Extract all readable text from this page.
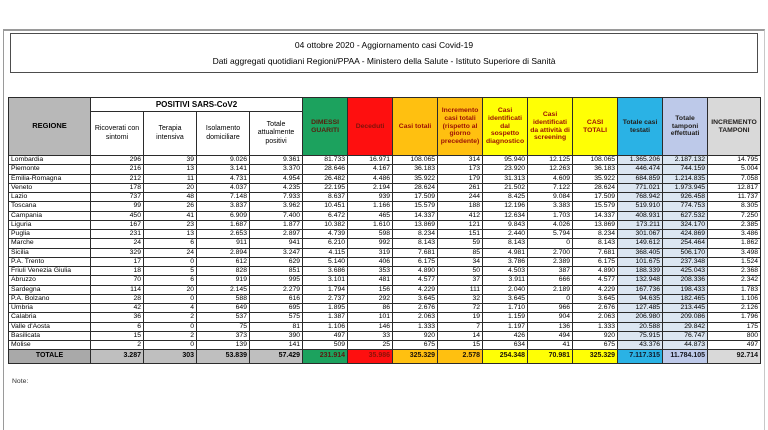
04 ottobre 2020 - Aggiornamento casi Covid-19
Dati aggregati quotidiani Regioni/PPAA - Ministero della Salute - Istituto Superiore di Sanità
REGIONE	POSITIVI SARS-CoV2				DIMESSI GUARITI	Deceduti	Casi totali	Incremento casi totali (rispetto al giorno precedente)	Casi identificati dal sospetto diagnostico	Casi identificati da attività di screening	CASI TOTALI	Totale casi testati	Totale tamponi effettuati	INCREMENTO TAMPONI
	Ricoverati con sintomi	Terapia intensiva	Isolamento domiciliare	Totale attualmente positivi										
Lombardia	296	39	9.026	9.361	81.733	16.971	108.065	314	95.940	12.125	108.065	1.365.206	2.187.132	14.795
Piemonte	216	13	3.141	3.370	28.646	4.167	36.183	173	23.920	12.263	36.183	446.474	744.159	5.004
Emilia-Romagna	212	11	4.731	4.954	26.482	4.486	35.922	179	31.313	4.609	35.922	684.859	1.214.835	7.058
Veneto	178	20	4.037	4.235	22.195	2.194	28.624	261	21.502	7.122	28.624	771.021	1.973.945	12.817
Lazio	737	48	7.148	7.933	8.637	939	17.509	244	8.425	9.084	17.509	768.942	926.458	11.737
Toscana	99	26	3.837	3.962	10.451	1.166	15.579	188	12.196	3.383	15.579	519.910	774.753	8.305
Campania	450	41	6.909	7.400	6.472	465	14.337	412	12.634	1.703	14.337	408.931	627.532	7.250
Liguria	167	23	1.687	1.877	10.382	1.610	13.869	121	9.843	4.026	13.869	173.211	324.170	2.385
Puglia	231	13	2.653	2.897	4.739	598	8.234	151	2.440	5.794	8.234	301.067	424.869	3.486
Marche	24	6	911	941	6.210	992	8.143	59	8.143	0	8.143	149.612	254.464	1.862
Sicilia	329	24	2.894	3.247	4.115	319	7.681	85	4.981	2.700	7.681	368.405	506.170	3.498
P.A. Trento	17	0	612	629	5.140	406	6.175	34	3.786	2.389	6.175	101.675	237.348	1.524
Friuli Venezia Giulia	18	5	828	851	3.686	353	4.890	50	4.503	387	4.890	188.339	425.043	2.368
Abruzzo	70	6	919	995	3.101	481	4.577	37	3.911	666	4.577	132.948	208.336	2.342
Sardegna	114	20	2.145	2.279	1.794	156	4.229	111	2.040	2.189	4.229	167.736	198.433	1.783
P.A. Bolzano	28	0	588	616	2.737	292	3.645	32	3.645	0	3.645	94.635	182.465	1.106
Umbria	42	4	649	695	1.895	86	2.676	72	1.710	966	2.676	127.485	213.445	2.126
Calabria	36	2	537	575	1.387	101	2.063	19	1.159	904	2.063	206.980	209.086	1.796
Valle d'Aosta	6	0	75	81	1.106	146	1.333	7	1.197	136	1.333	20.588	29.842	175
Basilicata	15	2	373	390	497	33	920	14	426	494	920	75.915	76.747	800
Molise	2	0	139	141	509	25	675	15	634	41	675	43.376	44.873	497
TOTALE	3.287	303	53.839	57.429	231.914	35.986	325.329	2.578	254.348	70.981	325.329	7.117.315	11.784.105	92.714
Note:
